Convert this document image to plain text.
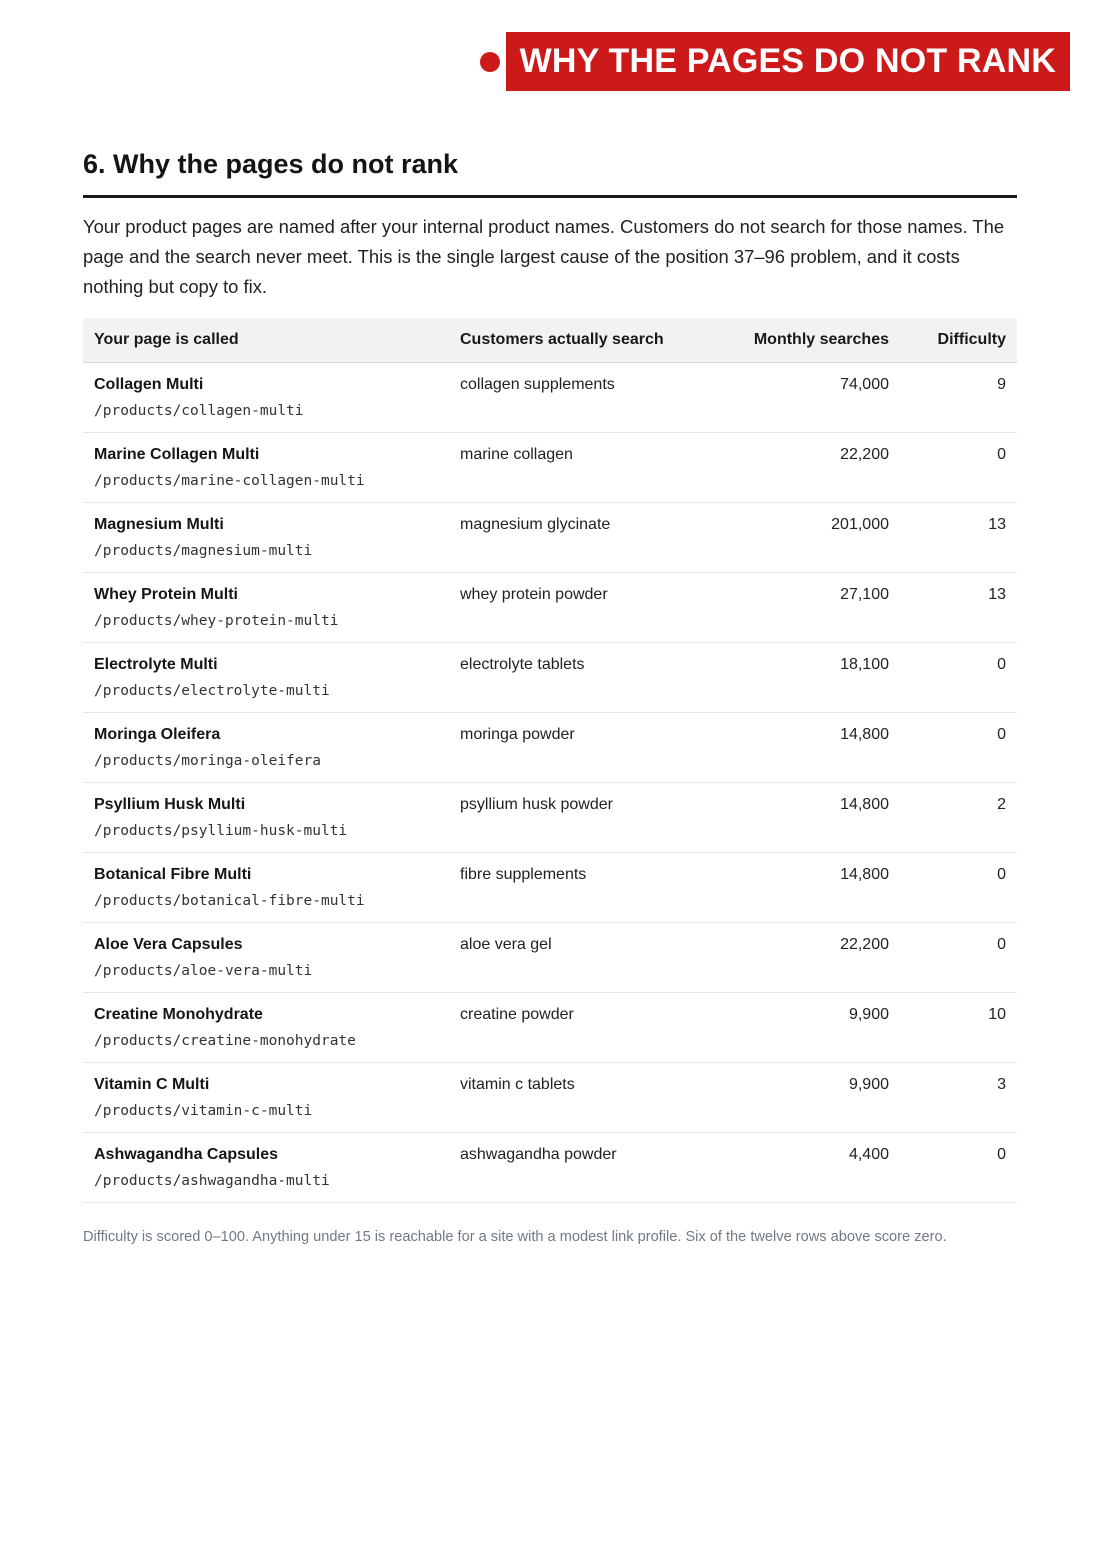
WHY THE PAGES DO NOT RANK
6. Why the pages do not rank

Your product pages are named after your internal product names. Customers do not search for those names. The page and the search never meet. This is the single largest cause of the position 37–96 problem, and it costs nothing but copy to fix.

Your page is called	Customers actually search	Monthly searches	Difficulty

Collagen Multi
/products/collagen-multi	collagen supplements	74,000	9

Marine Collagen Multi
/products/marine-collagen-multi	marine collagen	22,200	0

Magnesium Multi
/products/magnesium-multi	magnesium glycinate	201,000	13

Whey Protein Multi
/products/whey-protein-multi	whey protein powder	27,100	13

Electrolyte Multi
/products/electrolyte-multi	electrolyte tablets	18,100	0

Moringa Oleifera
/products/moringa-oleifera	moringa powder	14,800	0

Psyllium Husk Multi
/products/psyllium-husk-multi	psyllium husk powder	14,800	2

Botanical Fibre Multi
/products/botanical-fibre-multi	fibre supplements	14,800	0

Aloe Vera Capsules
/products/aloe-vera-multi	aloe vera gel	22,200	0

Creatine Monohydrate
/products/creatine-monohydrate	creatine powder	9,900	10

Vitamin C Multi
/products/vitamin-c-multi	vitamin c tablets	9,900	3

Ashwagandha Capsules
/products/ashwagandha-multi	ashwagandha powder	4,400	0
Difficulty is scored 0–100. Anything under 15 is reachable for a site with a modest link profile. Six of the twelve rows above score zero.
